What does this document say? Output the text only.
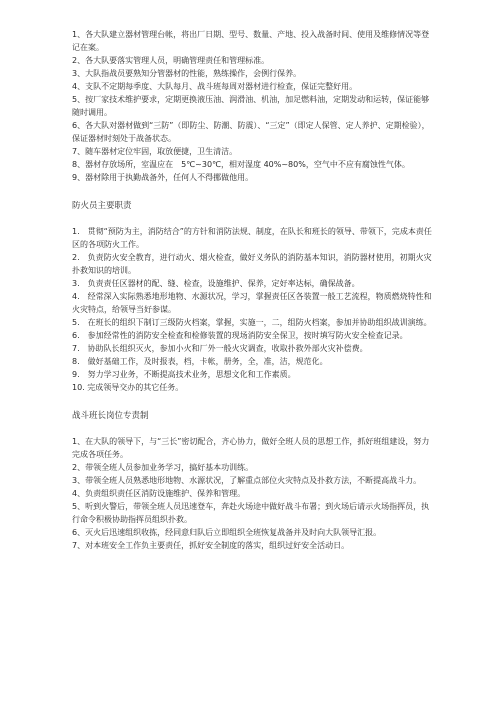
1、各大队建立器材管理台帐，将出厂日期、型号、数量、产地、投入战备时间、使用及维修情况等登记在案。

2、各大队要落实管理人员，明确管理责任和管理标准。

3、大队指战员要熟知分管器材的性能，熟练操作，会例行保养。

4、支队不定期每季度、大队每月、战斗班每周对器材进行检查，保证完整好用。

5、按厂家技术维护要求，定期更换液压油、润滑油、机油，加足燃料油，定期发动和运转，保证能够随时调用。

6、各大队对器材做到“三防”（即防尘、防潮、防震）、“三定”（即定人保管、定人养护、定期检验），保证器材时刻处于战备状态。

7、随车器材定位牢固，取放便捷，卫生清洁。

8、器材存放场所，室温应在　5℃~30℃，相对湿度 40%~80%，空气中不应有腐蚀性气体。

9、器材除用于执勤战备外，任何人不得挪做他用。

防火员主要职责

1.　贯彻“预防为主，消防结合”的方针和消防法规、制度，在队长和班长的领导、带领下，完成本责任区的各项防火工作。

2.　负责防火安全教育，进行动火、烟火检查，做好义务队的消防基本知识，消防器材使用，初期火灾扑救知识的培训。

3.　负责责任区器材的配、缝、检查，设施维护、保养，定好率达标，确保战备。

4.　经常深入实际熟悉地形地物、水源状况，学习，掌握责任区各装置一般工艺流程，物质燃烧特性和火灾特点，给领导当好参谋。

5.　在班长的组织下制订三级防火档案，掌握，实施一，二，组防火档案，参加并协助组织战训演练。

6.　参加经常性的消防安全检查和检修装置的现场消防安全保卫，按时填写防火安全检查记录。

7.　协助队长组织灭火，参加小火和厂外一般火灾调查，收取扑救外部火灾补偿费。

8.　做好基础工作，及时报表，档，卡帐，册务，全，准，洁，规范化。

9.　努力学习业务，不断提高技术业务，思想文化和工作素质。

10. 完成领导交办的其它任务。

战斗班长岗位专责制

1、在大队的领导下，与“三长”密切配合，齐心协力，做好全班人员的思想工作，抓好班组建设，努力完成各项任务。

2、带领全班人员参加业务学习，搞好基本功训练。

3、带领全班人员熟悉地形地物、水源状况，了解重点部位火灾特点及扑救方法，不断提高战斗力。

4、负责组织责任区消防设施维护、保养和管理。

5、听到火警后，带领全班人员迅速登车，奔赴火场途中做好战斗布署；到火场后请示火场指挥员，执行命令积极协助指挥员组织扑救。

6、灭火后迅速组织收拣，经同意归队后立即组织全班恢复战备并及时向大队领导汇报。

7、对本班安全工作负主要责任，抓好安全制度的落实，组织过好安全活动日。
